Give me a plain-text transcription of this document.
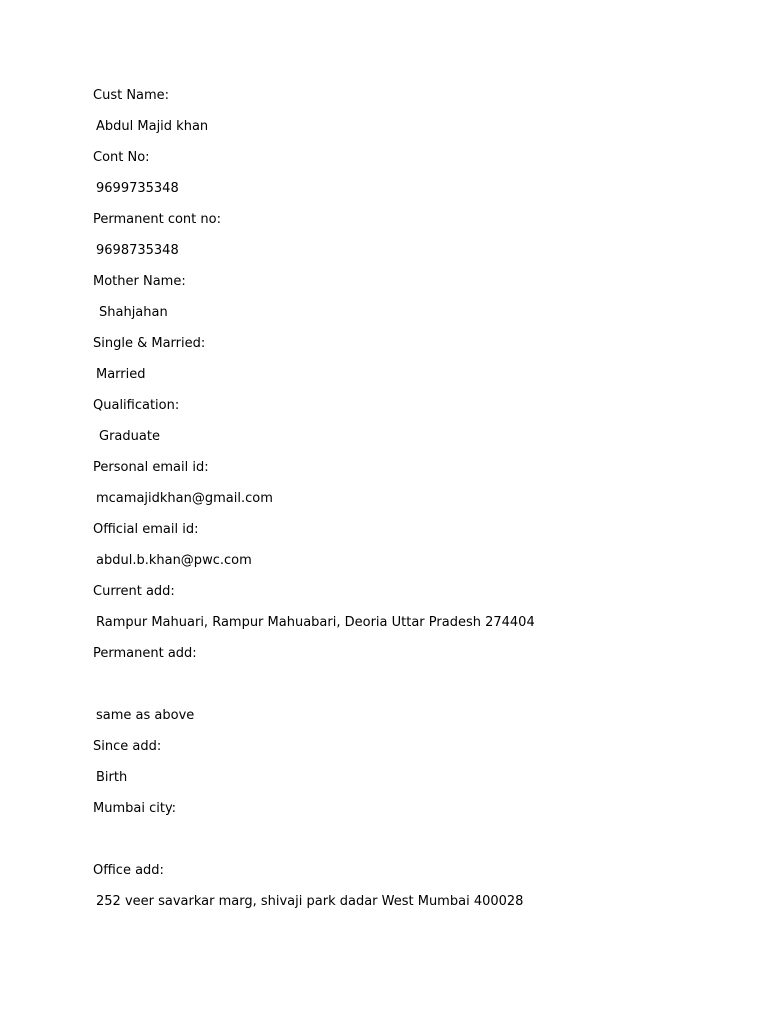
Cust Name:
Abdul Majid khan
Cont No:
9699735348
Permanent cont no:
9698735348
Mother Name:
Shahjahan
Single & Married:
Married
Qualification:
Graduate
Personal email id:
mcamajidkhan@gmail.com
Official email id:
abdul.b.khan@pwc.com
Current add:
Rampur Mahuari, Rampur Mahuabari, Deoria Uttar Pradesh 274404
Permanent add:
same as above
Since add:
Birth
Mumbai city:
Office add:
252 veer savarkar marg, shivaji park dadar West Mumbai 400028
